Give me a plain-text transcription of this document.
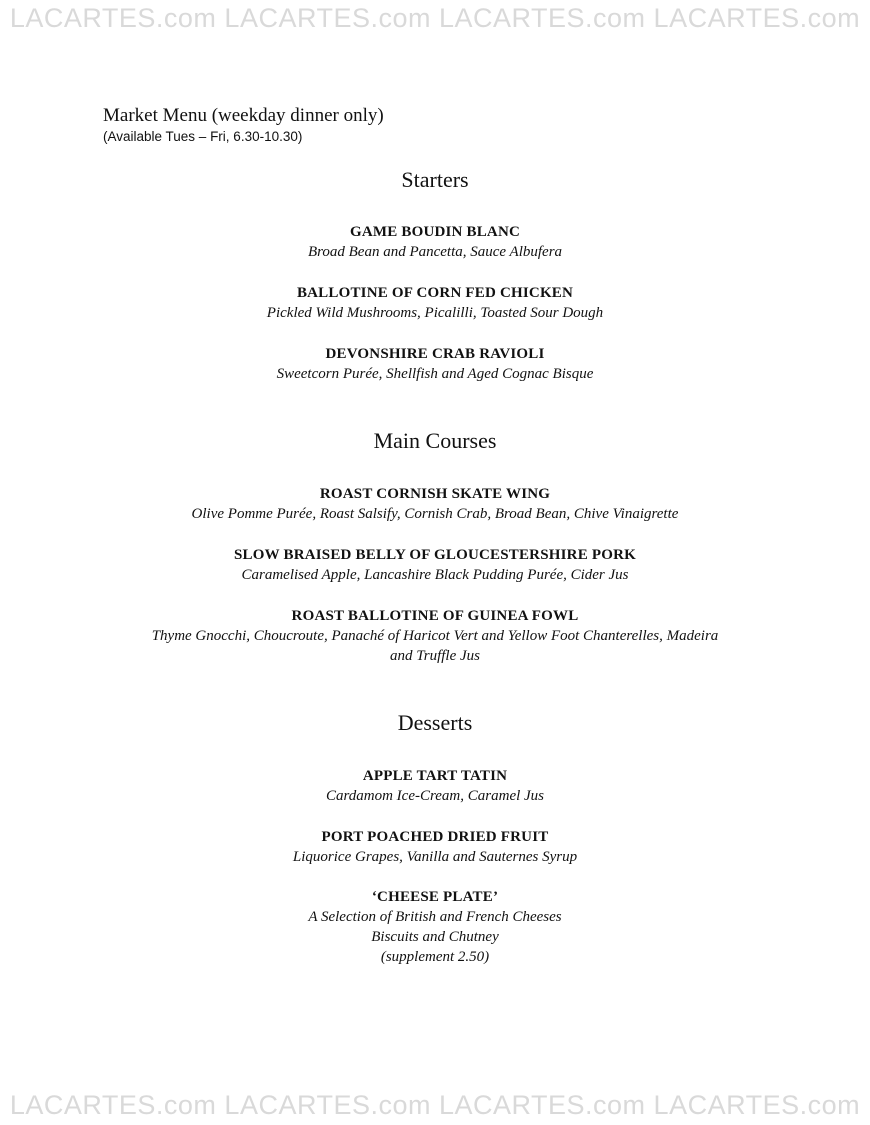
LACARTES.com LACARTES.com LACARTES.com LACARTES.com
Market Menu (weekday dinner only)
(Available Tues – Fri, 6.30-10.30)
Starters
GAME BOUDIN BLANC
Broad Bean and Pancetta, Sauce Albufera
BALLOTINE OF CORN FED CHICKEN
Pickled Wild Mushrooms, Picalilli, Toasted Sour Dough
DEVONSHIRE CRAB RAVIOLI
Sweetcorn Purée, Shellfish and Aged Cognac Bisque
Main Courses
ROAST CORNISH SKATE WING
Olive Pomme Purée, Roast Salsify, Cornish Crab, Broad Bean, Chive Vinaigrette
SLOW BRAISED BELLY OF GLOUCESTERSHIRE PORK
Caramelised Apple, Lancashire Black Pudding Purée, Cider Jus
ROAST BALLOTINE OF GUINEA FOWL
Thyme Gnocchi, Choucroute, Panaché of Haricot Vert and Yellow Foot Chanterelles, Madeira
and Truffle Jus
Desserts
APPLE TART TATIN
Cardamom Ice-Cream, Caramel Jus
PORT POACHED DRIED FRUIT
Liquorice Grapes, Vanilla and Sauternes Syrup
‘CHEESE PLATE’
A Selection of British and French Cheeses
Biscuits and Chutney
(supplement 2.50)
LACARTES.com LACARTES.com LACARTES.com LACARTES.com
